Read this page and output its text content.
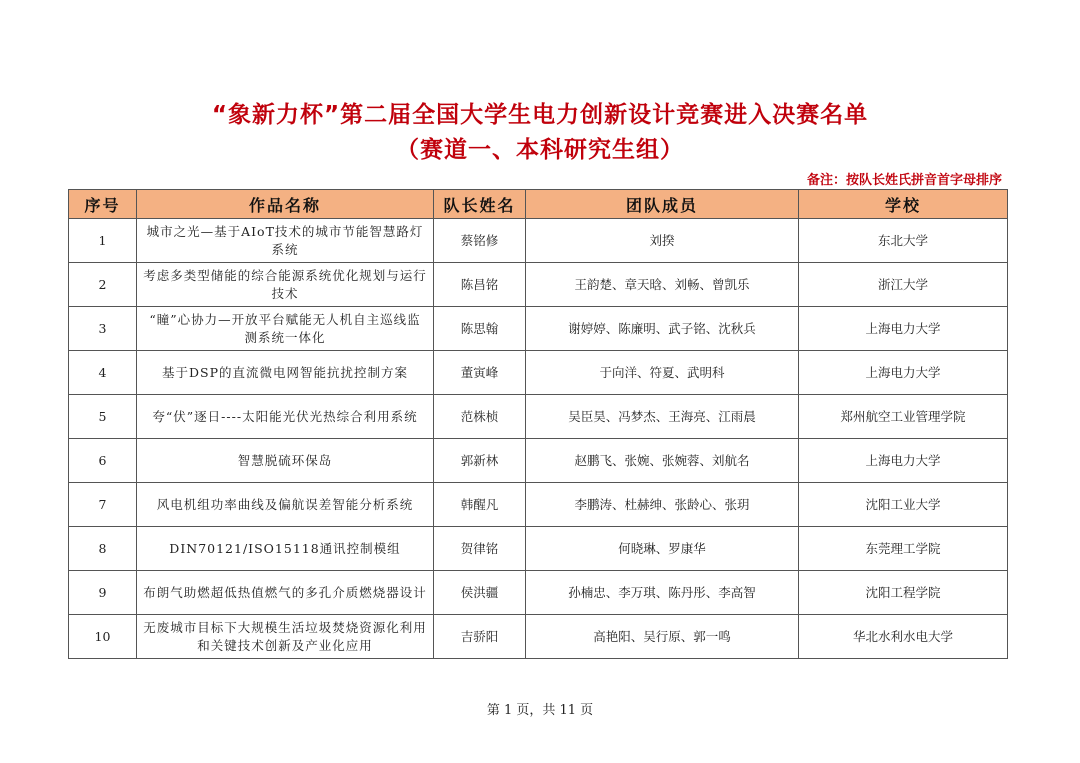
“象新力杯”第二届全国大学生电力创新设计竞赛进入决赛名单
（赛道一、本科研究生组）
备注：按队长姓氏拼音首字母排序
序号	作品名称	队长姓名	团队成员	学校
1	城市之光—基于AIoT技术的城市节能智慧路灯系统	蔡铭修	刘揆	东北大学
2	考虑多类型储能的综合能源系统优化规划与运行技术	陈昌铭	王韵楚、章天晗、刘畅、曾凯乐	浙江大学
3	“瞳”心协力—开放平台赋能无人机自主巡线监测系统一体化	陈思翰	谢婷婷、陈廉明、武子铭、沈秋兵	上海电力大学
4	基于DSP的直流微电网智能抗扰控制方案	董寅峰	于向洋、符夏、武明科	上海电力大学
5	夸“伏”逐日----太阳能光伏光热综合利用系统	范株桢	吴臣昊、冯梦杰、王海亮、江雨晨	郑州航空工业管理学院
6	智慧脱硫环保岛	郭新林	赵鹏飞、张婉、张婉蓉、刘航名	上海电力大学
7	风电机组功率曲线及偏航误差智能分析系统	韩醒凡	李鹏涛、杜赫绅、张龄心、张玥	沈阳工业大学
8	DIN70121/ISO15118通讯控制模组	贺律铭	何晓琳、罗康华	东莞理工学院
9	布朗气助燃超低热值燃气的多孔介质燃烧器设计	侯洪疆	孙楠忠、李万琪、陈丹彤、李高智	沈阳工程学院
10	无废城市目标下大规模生活垃圾焚烧资源化利用和关键技术创新及产业化应用	吉骄阳	高艳阳、吴行原、郭一鸣	华北水利水电大学
第 1 页，共 11 页
